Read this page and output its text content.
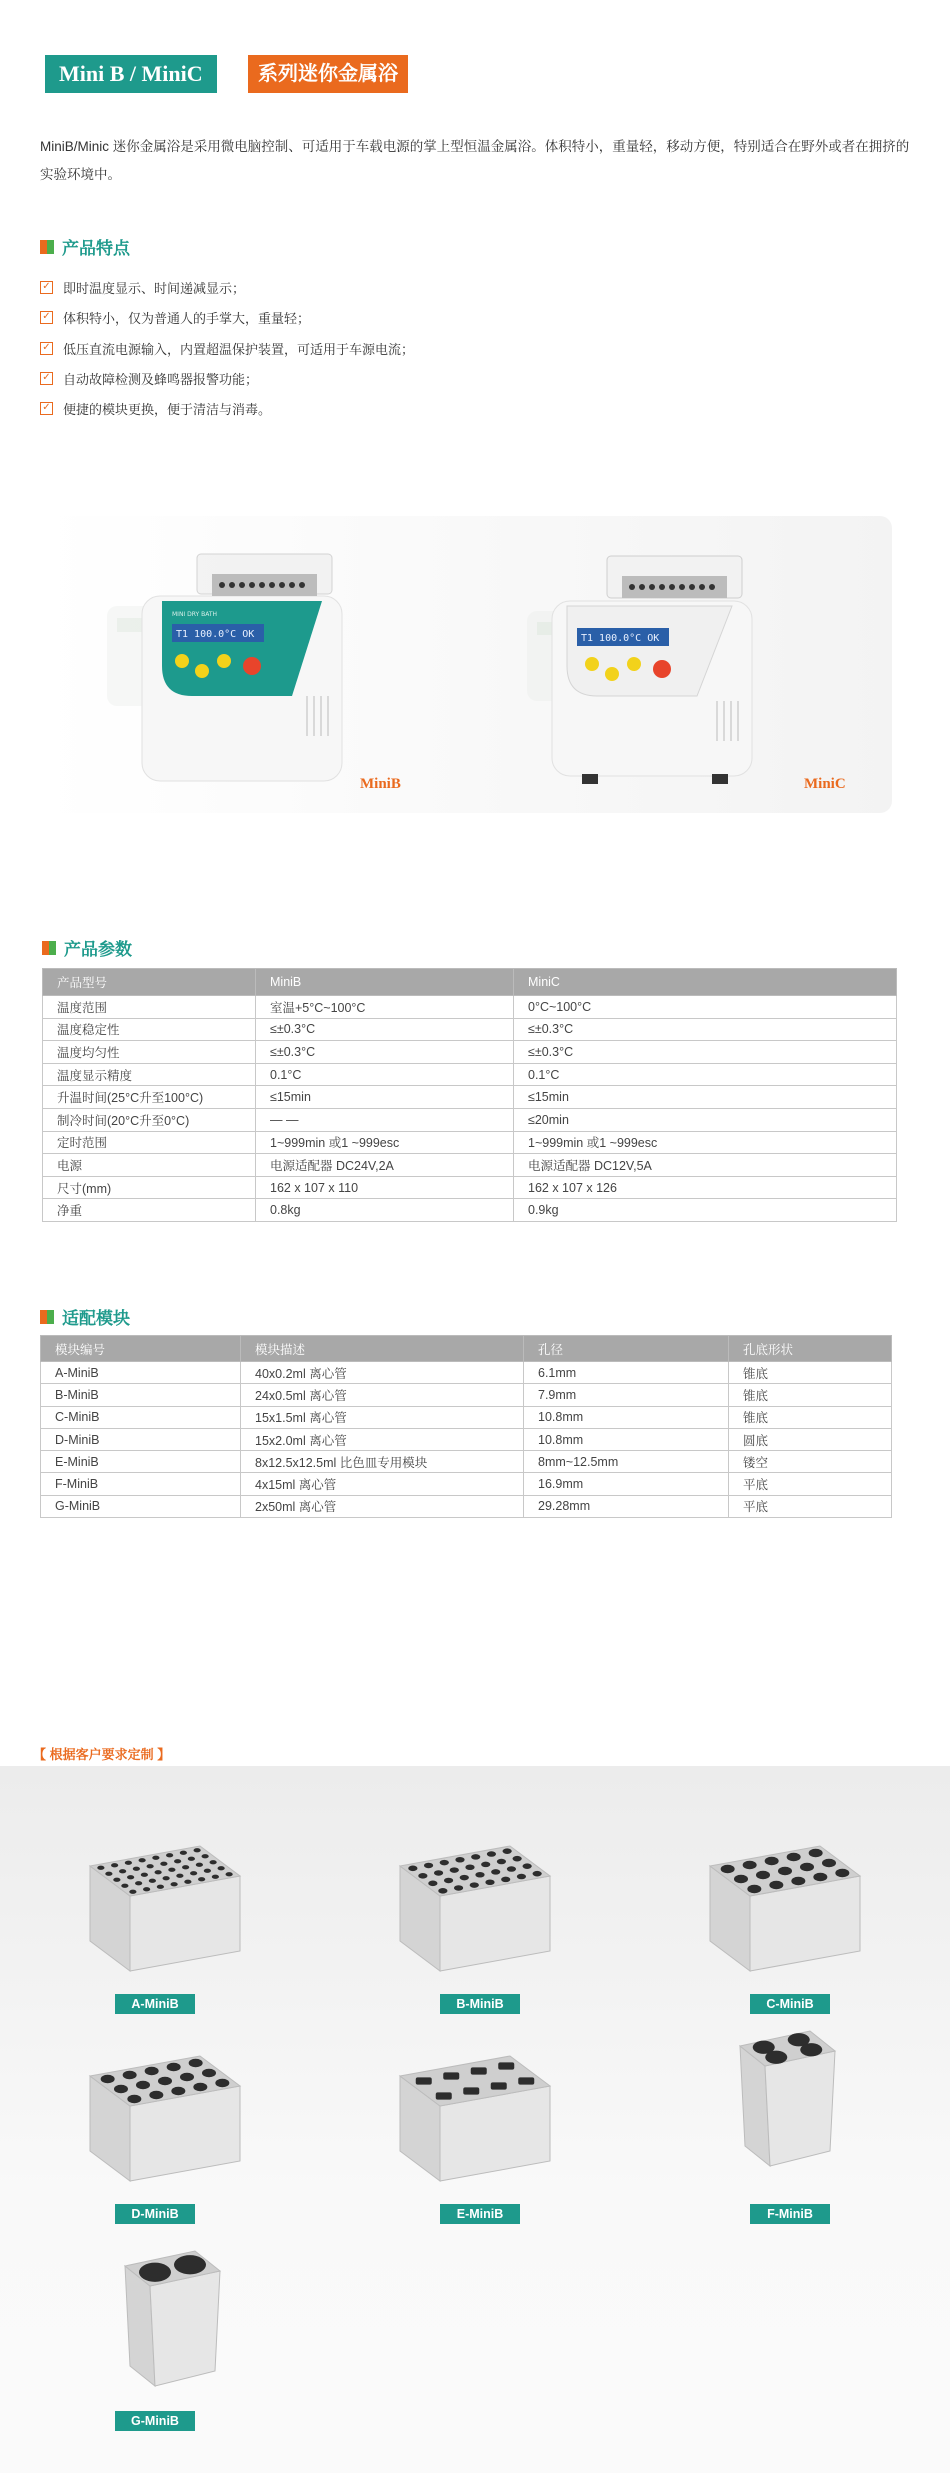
Mini B / MiniC	系列迷你金属浴

MiniB/Minic 迷你金属浴是采用微电脑控制、可适用于车载电源的掌上型恒温金属浴。体积特小，重量轻，移动方便，特别适合在野外或者在拥挤的实验环境中。

产品特点
✓ 即时温度显示、时间递减显示；
✓ 体积特小，仅为普通人的手掌大，重量轻；
✓ 低压直流电源输入，内置超温保护装置，可适用于车源电流；
✓ 自动故障检测及蜂鸣器报警功能；
✓ 便捷的模块更换，便于清洁与消毒。
T1 100.0°C OK
MINI DRY BATH
MiniB
T1 100.0°C OK
MiniC
产品参数
产品型号	MiniB	MiniC
温度范围	室温+5°C~100°C	0°C~100°C
温度稳定性	≤±0.3°C	≤±0.3°C
温度均匀性	≤±0.3°C	≤±0.3°C
温度显示精度	0.1°C	0.1°C
升温时间(25°C升至100°C)	≤15min	≤15min
制冷时间(20°C升至0°C)	— —	≤20min
定时范围	1~999min 或1 ~999esc	1~999min 或1 ~999esc
电源	电源适配器 DC24V,2A	电源适配器 DC12V,5A
尺寸(mm)	162 x 107 x 110	162 x 107 x 126
净重	0.8kg	0.9kg
适配模块
模块编号	模块描述	孔径	孔底形状
A-MiniB	40x0.2ml 离心管	6.1mm	锥底
B-MiniB	24x0.5ml 离心管	7.9mm	锥底
C-MiniB	15x1.5ml 离心管	10.8mm	锥底
D-MiniB	15x2.0ml 离心管	10.8mm	圆底
E-MiniB	8x12.5x12.5ml 比色皿专用模块	8mm~12.5mm	镂空
F-MiniB	4x15ml 离心管	16.9mm	平底
G-MiniB	2x50ml 离心管	29.28mm	平底
【 根据客户要求定制 】
A-MiniB	B-MiniB	C-MiniB
D-MiniB	E-MiniB	F-MiniB
G-MiniB
